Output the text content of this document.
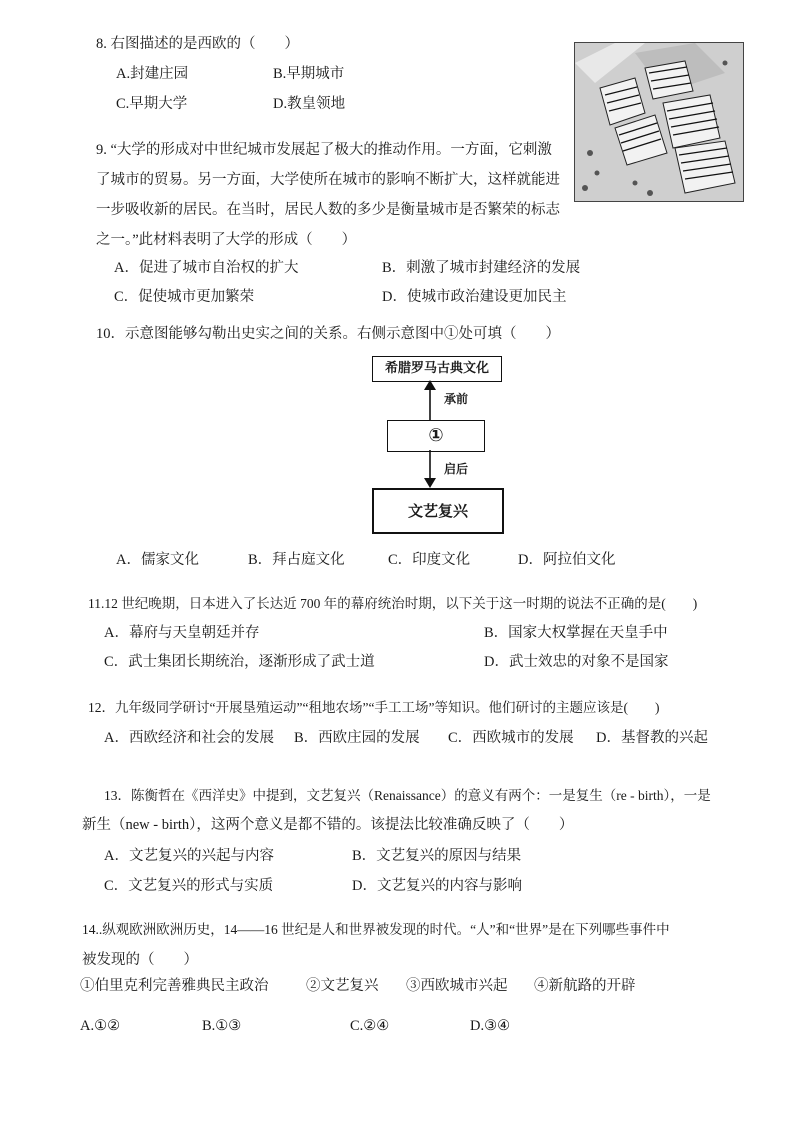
8. 右图描述的是西欧的（　　）
A.封建庄园	B.早期城市
C.早期大学	D.教皇领地
9. “大学的形成对中世纪城市发展起了极大的推动作用。一方面，它刺激
了城市的贸易。另一方面，大学使所在城市的影响不断扩大，这样就能进
一步吸收新的居民。在当时，居民人数的多少是衡量城市是否繁荣的标志
之一。”此材料表明了大学的形成（　　）
A．促进了城市自治权的扩大	B．刺激了城市封建经济的发展
C．促使城市更加繁荣	D．使城市政治建设更加民主
10．示意图能够勾勒出史实之间的关系。右侧示意图中①处可填（　　）
希腊罗马古典文化
承前
①
启后
文艺复兴
A．儒家文化	B．拜占庭文化	C．印度文化	D．阿拉伯文化
11.12 世纪晚期，日本进入了长达近 700 年的幕府统治时期，以下关于这一时期的说法不正确的是(　　)
A．幕府与天皇朝廷并存	B．国家大权掌握在天皇手中
C．武士集团长期统治，逐渐形成了武士道	D．武士效忠的对象不是国家
12．九年级同学研讨“开展垦殖运动”“租地农场”“手工工场”等知识。他们研讨的主题应该是(　　)
A．西欧经济和社会的发展 B．西欧庄园的发展 C．西欧城市的发展 D．基督教的兴起
13．陈衡哲在《西洋史》中提到，文艺复兴（Renaissance）的意义有两个：一是复生（re - birth），一是
新生（new - birth），这两个意义是都不错的。该提法比较准确反映了（　　）
A．文艺复兴的兴起与内容	B．文艺复兴的原因与结果
C．文艺复兴的形式与实质	D．文艺复兴的内容与影响
14..纵观欧洲欧洲历史，14——16 世纪是人和世界被发现的时代。“人”和“世界”是在下列哪些事件中
被发现的（　　）
①伯里克利完善雅典民主政治	②文艺复兴 ③西欧城市兴起 ④新航路的开辟
A.①②	B.①③	C.②④	D.③④
